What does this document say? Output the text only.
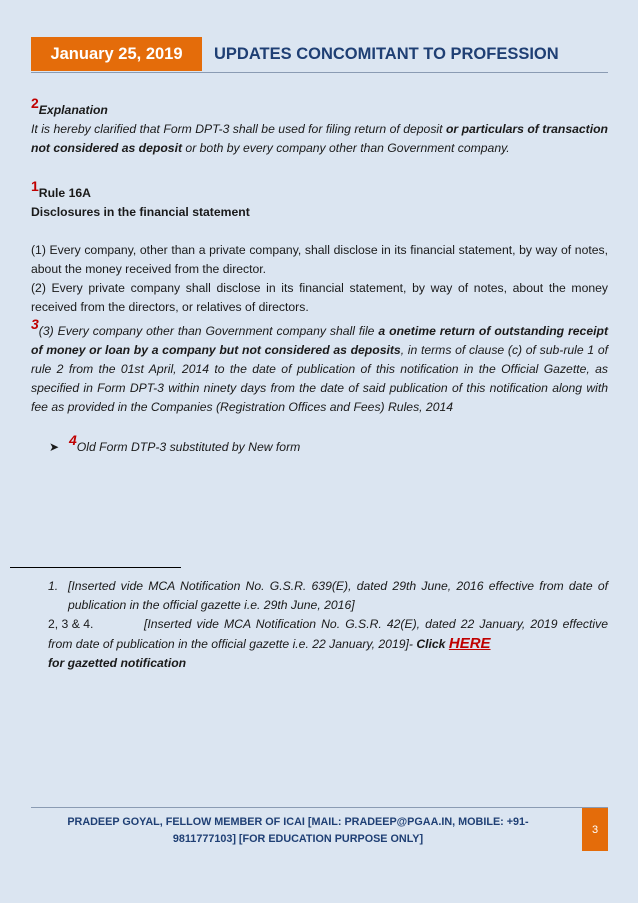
January 25, 2019	UPDATES CONCOMITANT TO PROFESSION

2Explanation

It is hereby clarified that Form DPT-3 shall be used for filing return of deposit or particulars of transaction not considered as deposit or both by every company other than Government company.

1Rule 16A

Disclosures in the financial statement

(1) Every company, other than a private company, shall disclose in its financial statement, by way of notes, about the money received from the director.

(2) Every private company shall disclose in its financial statement, by way of notes, about the money received from the directors, or relatives of directors.

3(3) Every company other than Government company shall file a onetime return of outstanding receipt of money or loan by a company but not considered as deposits, in terms of clause (c) of sub-rule 1 of rule 2 from the 01st April, 2014 to the date of publication of this notification in the Official Gazette, as specified in Form DPT-3 within ninety days from the date of said publication of this notification along with fee as provided in the Companies (Registration Offices and Fees) Rules, 2014

➤ 4Old Form DTP-3 substituted by New form

1. [Inserted vide MCA Notification No. G.S.R. 639(E), dated 29th June, 2016 effective from date of publication in the official gazette i.e. 29th June, 2016]

2, 3 & 4.	[Inserted vide MCA Notification No. G.S.R. 42(E), dated 22 January, 2019 effective from date of publication in the official gazette i.e. 22 January, 2019]- Click HERE

for gazetted notification

PRADEEP GOYAL, FELLOW MEMBER OF ICAI [MAIL: PRADEEP@PGAA.IN, MOBILE: +91-9811777103] [FOR EDUCATION PURPOSE ONLY]
3
